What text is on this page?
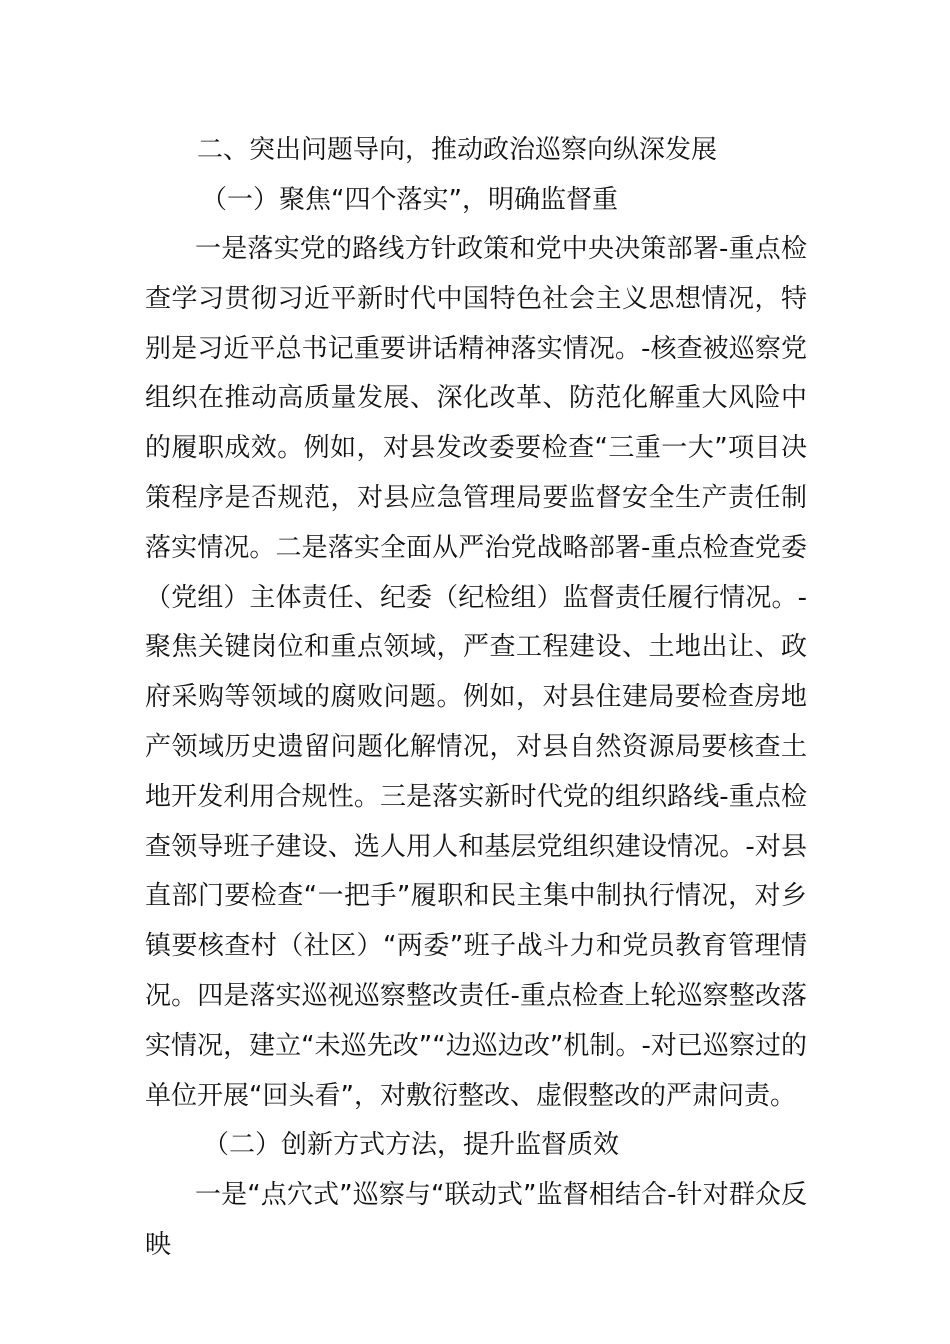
二、突出问题导向，推动政治巡察向纵深发展

（一）聚焦“四个落实”，明确监督重

一是落实党的路线方针政策和党中央决策部署-重点检查学习贯彻习近平新时代中国特色社会主义思想情况，特别是习近平总书记重要讲话精神落实情况。-核查被巡察党组织在推动高质量发展、深化改革、防范化解重大风险中的履职成效。例如，对县发改委要检查“三重一大”项目决策程序是否规范，对县应急管理局要监督安全生产责任制落实情况。二是落实全面从严治党战略部署-重点检查党委（党组）主体责任、纪委（纪检组）监督责任履行情况。-聚焦关键岗位和重点领域，严查工程建设、土地出让、政府采购等领域的腐败问题。例如，对县住建局要检查房地产领域历史遗留问题化解情况，对县自然资源局要核查土地开发利用合规性。三是落实新时代党的组织路线-重点检查领导班子建设、选人用人和基层党组织建设情况。-对县直部门要检查“一把手”履职和民主集中制执行情况，对乡镇要核查村（社区）“两委”班子战斗力和党员教育管理情况。四是落实巡视巡察整改责任-重点检查上轮巡察整改落实情况，建立“未巡先改”“边巡边改”机制。-对已巡察过的单位开展“回头看”，对敷衍整改、虚假整改的严肃问责。

（二）创新方式方法，提升监督质效

一是“点穴式”巡察与“联动式”监督相结合-针对群众反映
